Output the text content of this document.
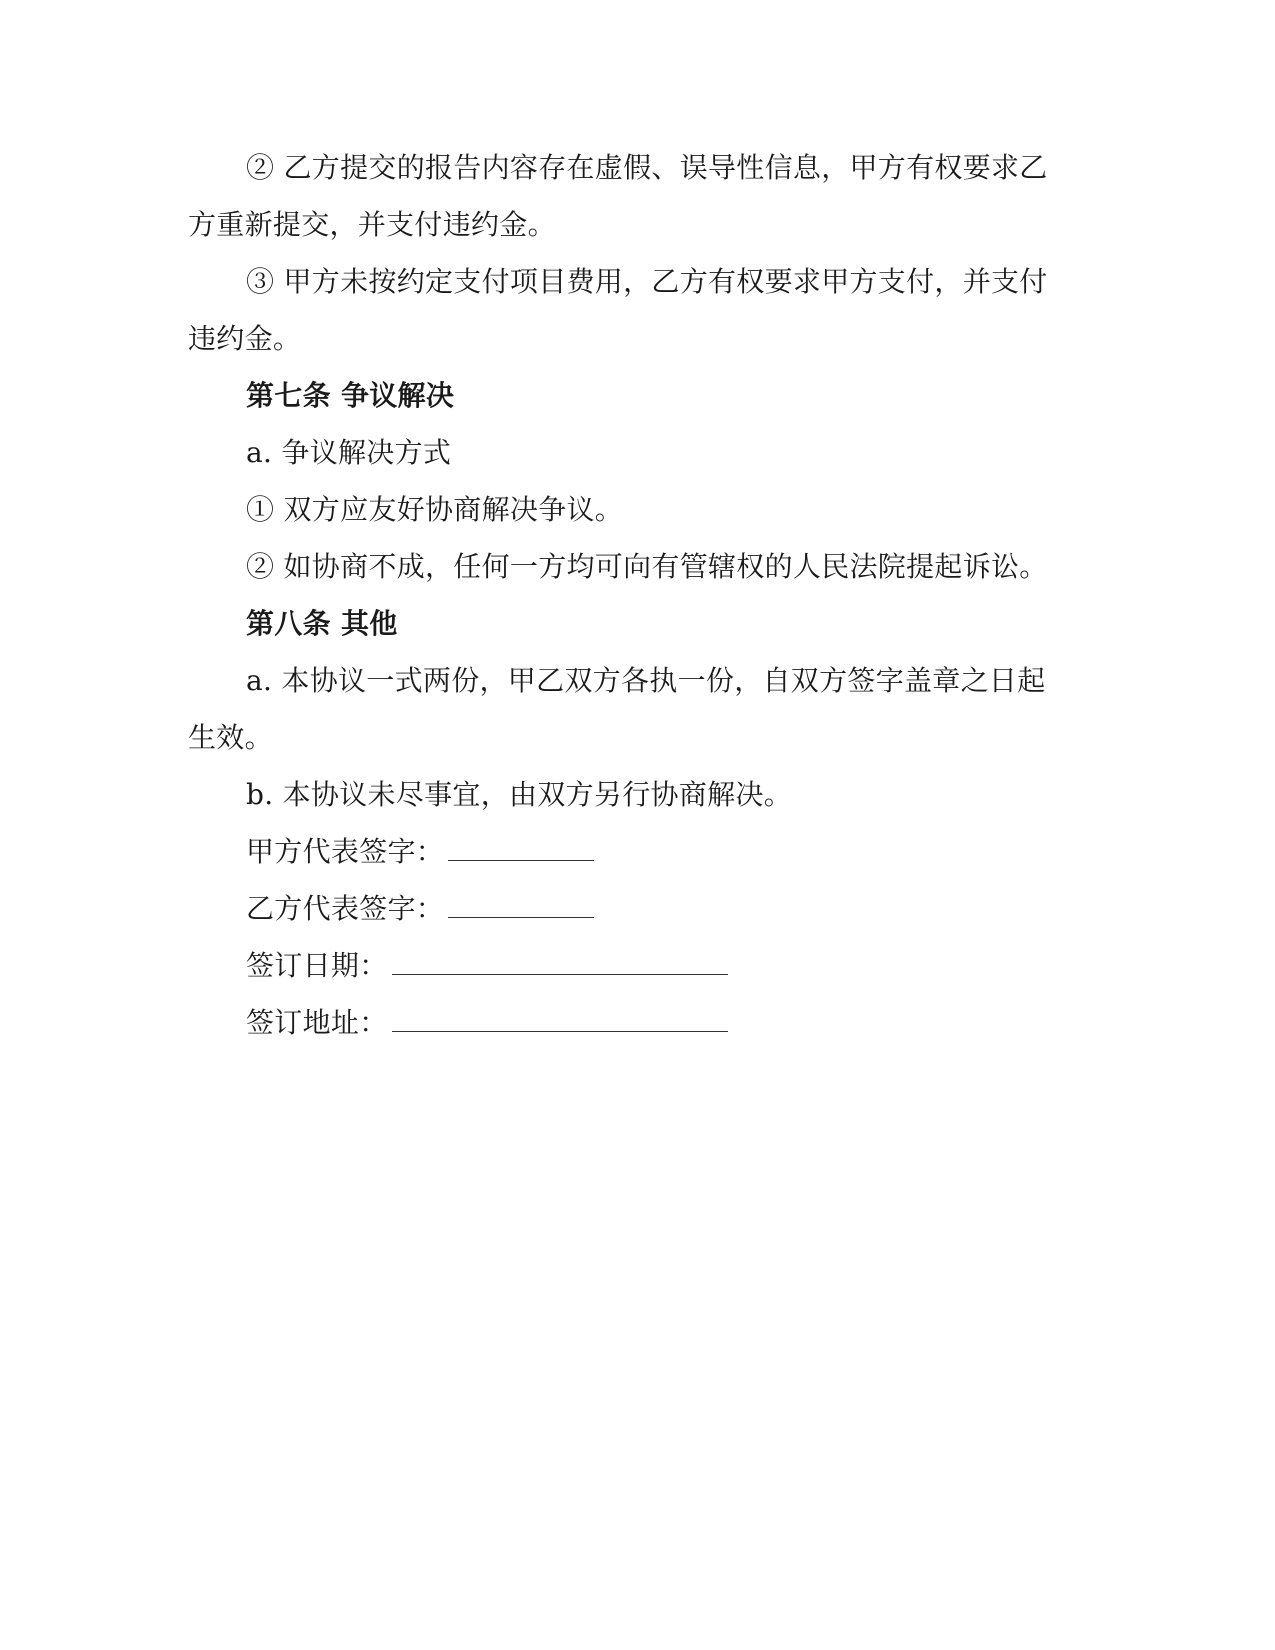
② 乙方提交的报告内容存在虚假、误导性信息，甲方有权要求乙
方重新提交，并支付违约金。
③ 甲方未按约定支付项目费用，乙方有权要求甲方支付，并支付
违约金。
第七条 争议解决
a. 争议解决方式
① 双方应友好协商解决争议。
② 如协商不成，任何一方均可向有管辖权的人民法院提起诉讼。
第八条 其他
a. 本协议一式两份，甲乙双方各执一份，自双方签字盖章之日起
生效。
b. 本协议未尽事宜，由双方另行协商解决。
甲方代表签字：
乙方代表签字：
签订日期：
签订地址：
